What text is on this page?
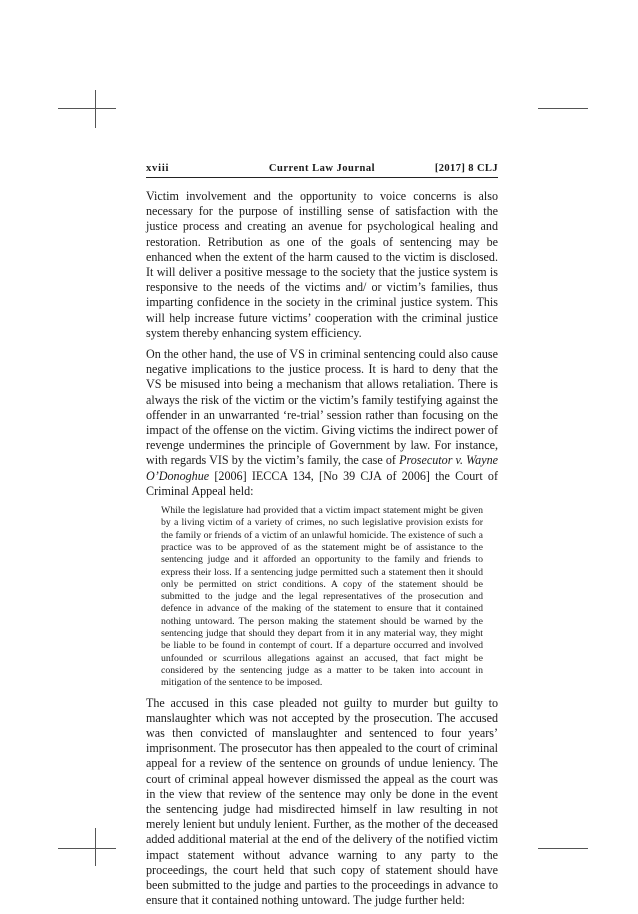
Current Law Journal
xviii	[2017] 8 CLJ

Victim involvement and the opportunity to voice concerns is also necessary for the purpose of instilling sense of satisfaction with the justice process and creating an avenue for psychological healing and restoration. Retribution as one of the goals of sentencing may be enhanced when the extent of the harm caused to the victim is disclosed. It will deliver a positive message to the society that the justice system is responsive to the needs of the victims and/ or victim’s families, thus imparting confidence in the society in the criminal justice system. This will help increase future victims’ cooperation with the criminal justice system thereby enhancing system efficiency.

On the other hand, the use of VS in criminal sentencing could also cause negative implications to the justice process. It is hard to deny that the VS be misused into being a mechanism that allows retaliation. There is always the risk of the victim or the victim’s family testifying against the offender in an unwarranted ‘re-trial’ session rather than focusing on the impact of the offense on the victim. Giving victims the indirect power of revenge undermines the principle of Government by law. For instance, with regards VIS by the victim’s family, the case of Prosecutor v. Wayne O’Donoghue [2006] IECCA 134, [No 39 CJA of 2006] the Court of Criminal Appeal held:

While the legislature had provided that a victim impact statement might be given by a living victim of a variety of crimes, no such legislative provision exists for the family or friends of a victim of an unlawful homicide. The existence of such a practice was to be approved of as the statement might be of assistance to the sentencing judge and it afforded an opportunity to the family and friends to express their loss. If a sentencing judge permitted such a statement then it should only be permitted on strict conditions. A copy of the statement should be submitted to the judge and the legal representatives of the prosecution and defence in advance of the making of the statement to ensure that it contained nothing untoward. The person making the statement should be warned by the sentencing judge that should they depart from it in any material way, they might be liable to be found in contempt of court. If a departure occurred and involved unfounded or scurrilous allegations against an accused, that fact might be considered by the sentencing judge as a matter to be taken into account in mitigation of the sentence to be imposed.

The accused in this case pleaded not guilty to murder but guilty to manslaughter which was not accepted by the prosecution. The accused was then convicted of manslaughter and sentenced to four years’ imprisonment. The prosecutor has then appealed to the court of criminal appeal for a review of the sentence on grounds of undue leniency. The court of criminal appeal however dismissed the appeal as the court was in the view that review of the sentence may only be done in the event the sentencing judge had misdirected himself in law resulting in not merely lenient but unduly lenient. Further, as the mother of the deceased added additional material at the end of the delivery of the notified victim impact statement without advance warning to any party to the proceedings, the court held that such copy of statement should have been submitted to the judge and parties to the proceedings in advance to ensure that it contained nothing untoward. The judge further held:
